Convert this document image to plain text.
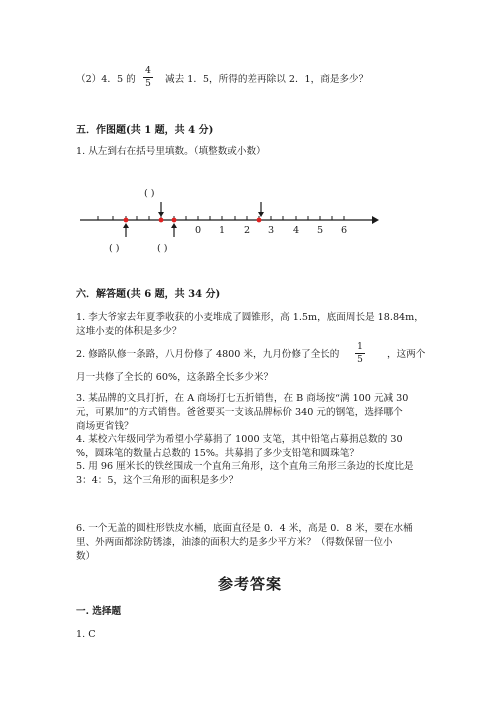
（2）4．5 的
4
5 减去 1．5，所得的差再除以 2．1，商是多少？
五．作图题(共 1 题，共 4 分)
1. 从左到右在括号里填数。（填整数或小数）
( )
0 1 2 3 4 5 6
( )	( )
六．解答题(共 6 题，共 34 分)
1. 李大爷家去年夏季收获的小麦堆成了圆锥形，高 1.5m，底面周长是 18.84m，
这堆小麦的体积是多少？
2. 修路队修一条路，八月份修了 4800 米，九月份修了全长的
1
5	，这两个
月一共修了全长的 60%，这条路全长多少米？
3. 某品牌的文具打折，在 A 商场打七五折销售，在 B 商场按“满 100 元减 30
元，可累加”的方式销售。爸爸要买一支该品牌标价 340 元的钢笔，选择哪个
商场更省钱？
4. 某校六年级同学为希望小学募捐了 1000 支笔，其中铅笔占募捐总数的 30
%，圆珠笔的数量占总数的 15%。共募捐了多少支铅笔和圆珠笔？
5. 用 96 厘米长的铁丝围成一个直角三角形，这个直角三角形三条边的长度比是
3：4：5，这个三角形的面积是多少？
6. 一个无盖的圆柱形铁皮水桶，底面直径是 0．4 米，高是 0．8 米，要在水桶
里、外两面都涂防锈漆，油漆的面积大约是多少平方米？（得数保留一位小
数）
参考答案
一. 选择题
1. C
